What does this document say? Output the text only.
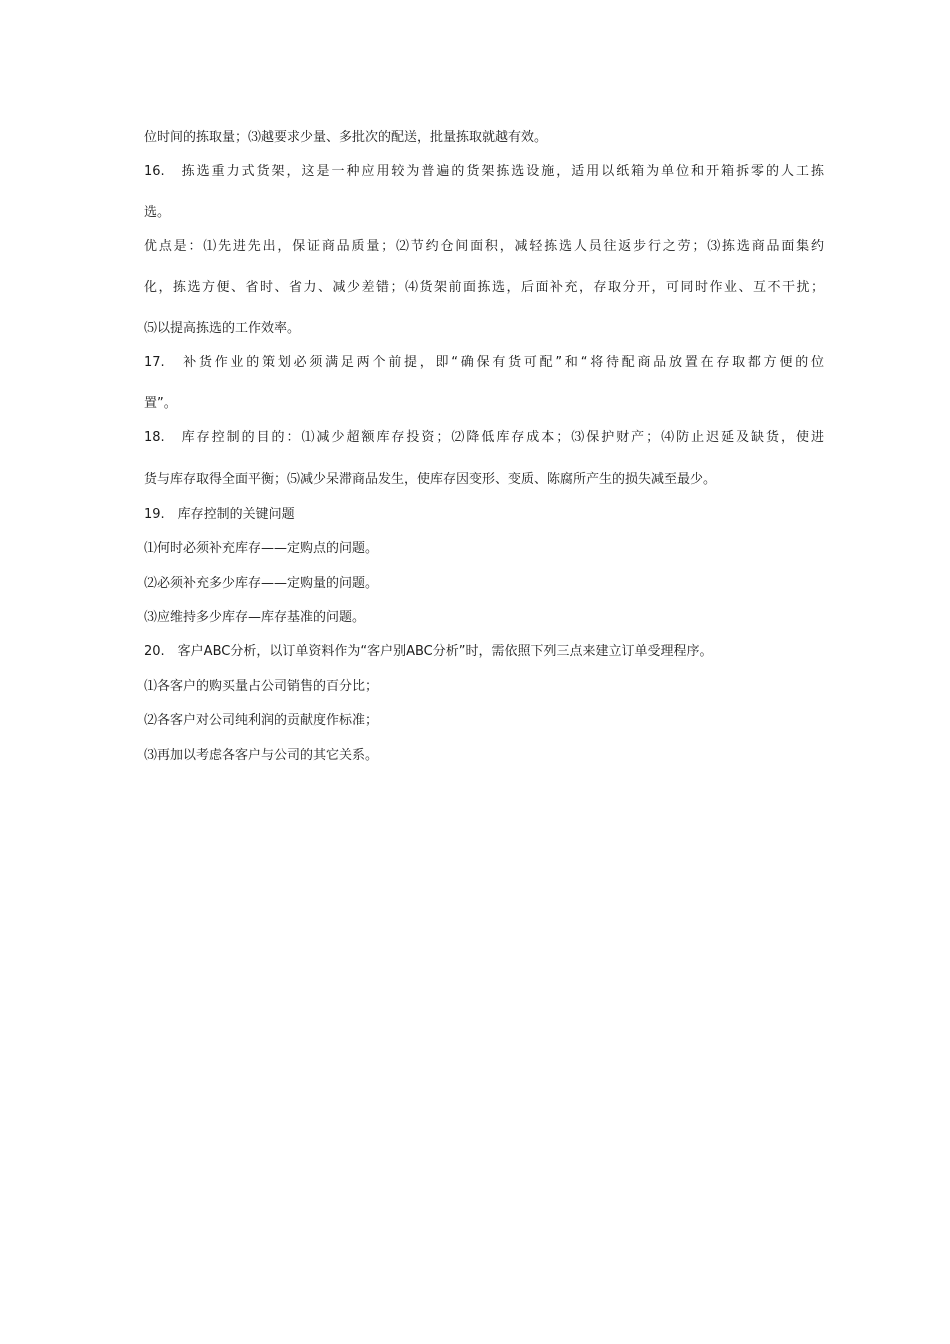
位时间的拣取量；⑶越要求少量、多批次的配送，批量拣取就越有效。
16.　拣选重力式货架，这是一种应用较为普遍的货架拣选设施，适用以纸箱为单位和开箱拆零的人工拣
选。
优点是：⑴先进先出，保证商品质量；⑵节约仓间面积，减轻拣选人员往返步行之劳；⑶拣选商品面集约
化，拣选方便、省时、省力、减少差错；⑷货架前面拣选，后面补充，存取分开，可同时作业、互不干扰；
⑸以提高拣选的工作效率。
17.　补货作业的策划必须满足两个前提，即“确保有货可配”和“将待配商品放置在存取都方便的位
置”。
18.　库存控制的目的：⑴减少超额库存投资；⑵降低库存成本；⑶保护财产；⑷防止迟延及缺货，使进
货与库存取得全面平衡；⑸减少呆滞商品发生，使库存因变形、变质、陈腐所产生的损失减至最少。
19.　库存控制的关键问题
⑴何时必须补充库存——定购点的问题。
⑵必须补充多少库存——定购量的问题。
⑶应维持多少库存—库存基准的问题。
20.　客户ABC分析，以订单资料作为“客户别ABC分析”时，需依照下列三点来建立订单受理程序。
⑴各客户的购买量占公司销售的百分比；
⑵各客户对公司纯利润的贡献度作标准；
⑶再加以考虑各客户与公司的其它关系。
